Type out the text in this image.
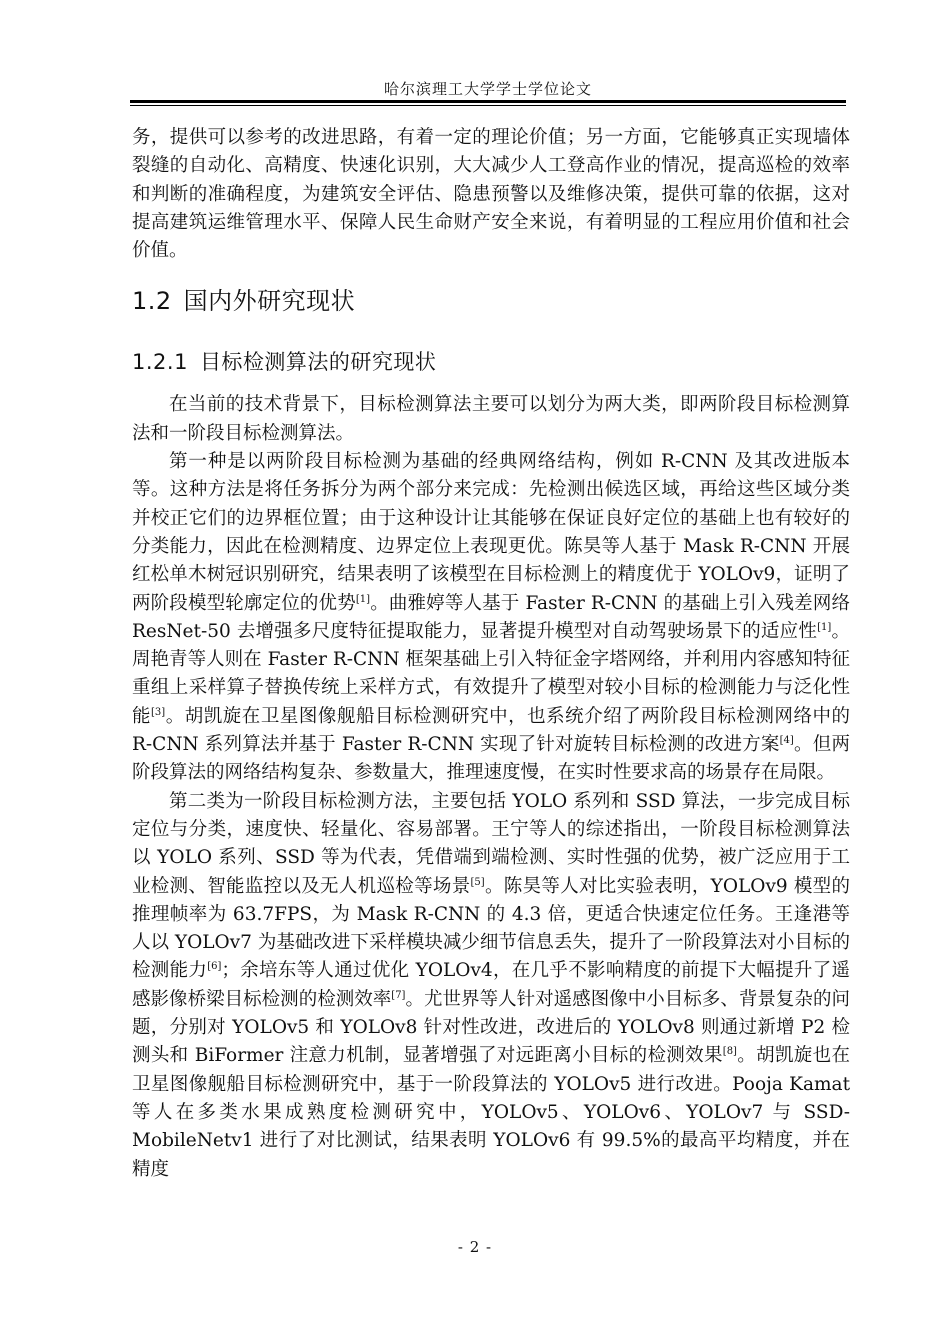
哈尔滨理工大学学士学位论文

务，提供可以参考的改进思路，有着一定的理论价值；另一方面，它能够真正实现墙体裂缝的自动化、高精度、快速化识别，大大减少人工登高作业的情况，提高巡检的效率和判断的准确程度，为建筑安全评估、隐患预警以及维修决策，提供可靠的依据，这对提高建筑运维管理水平、保障人民生命财产安全来说，有着明显的工程应用价值和社会价值。

1.2 国内外研究现状
1.2.1 目标检测算法的研究现状

在当前的技术背景下，目标检测算法主要可以划分为两大类，即两阶段目标检测算法和一阶段目标检测算法。

第一种是以两阶段目标检测为基础的经典网络结构，例如 R-CNN 及其改进版本等。这种方法是将任务拆分为两个部分来完成：先检测出候选区域，再给这些区域分类并校正它们的边界框位置；由于这种设计让其能够在保证良好定位的基础上也有较好的分类能力，因此在检测精度、边界定位上表现更优。陈昊等人基于 Mask R-CNN 开展红松单木树冠识别研究，结果表明了该模型在目标检测上的精度优于 YOLOv9，证明了两阶段模型轮廓定位的优势[1]。曲雅婷等人基于 Faster R-CNN 的基础上引入残差网络 ResNet-50 去增强多尺度特征提取能力，显著提升模型对自动驾驶场景下的适应性[1]。周艳青等人则在 Faster R-CNN 框架基础上引入特征金字塔网络，并利用内容感知特征重组上采样算子替换传统上采样方式，有效提升了模型对较小目标的检测能力与泛化性能[3]。胡凯旋在卫星图像舰船目标检测研究中，也系统介绍了两阶段目标检测网络中的 R-CNN 系列算法并基于 Faster R-CNN 实现了针对旋转目标检测的改进方案[4]。但两阶段算法的网络结构复杂、参数量大，推理速度慢，在实时性要求高的场景存在局限。

第二类为一阶段目标检测方法，主要包括 YOLO 系列和 SSD 算法，一步完成目标定位与分类，速度快、轻量化、容易部署。王宁等人的综述指出，一阶段目标检测算法以 YOLO 系列、SSD 等为代表，凭借端到端检测、实时性强的优势，被广泛应用于工业检测、智能监控以及无人机巡检等场景[5]。陈昊等人对比实验表明，YOLOv9 模型的推理帧率为 63.7FPS，为 Mask R-CNN 的 4.3 倍，更适合快速定位任务。王逢港等人以 YOLOv7 为基础改进下采样模块减少细节信息丢失，提升了一阶段算法对小目标的检测能力[6]；余培东等人通过优化 YOLOv4，在几乎不影响精度的前提下大幅提升了遥感影像桥梁目标检测的检测效率[7]。尤世界等人针对遥感图像中小目标多、背景复杂的问题，分别对 YOLOv5 和 YOLOv8 针对性改进，改进后的 YOLOv8 则通过新增 P2 检测头和 BiFormer 注意力机制，显著增强了对远距离小目标的检测效果[8]。胡凯旋也在卫星图像舰船目标检测研究中，基于一阶段算法的 YOLOv5 进行改进。Pooja Kamat 等人在多类水果成熟度检测研究中，YOLOv5、YOLOv6、YOLOv7 与 SSD-MobileNetv1 进行了对比测试，结果表明 YOLOv6 有 99.5%的最高平均精度，并在精度

- 2 -
